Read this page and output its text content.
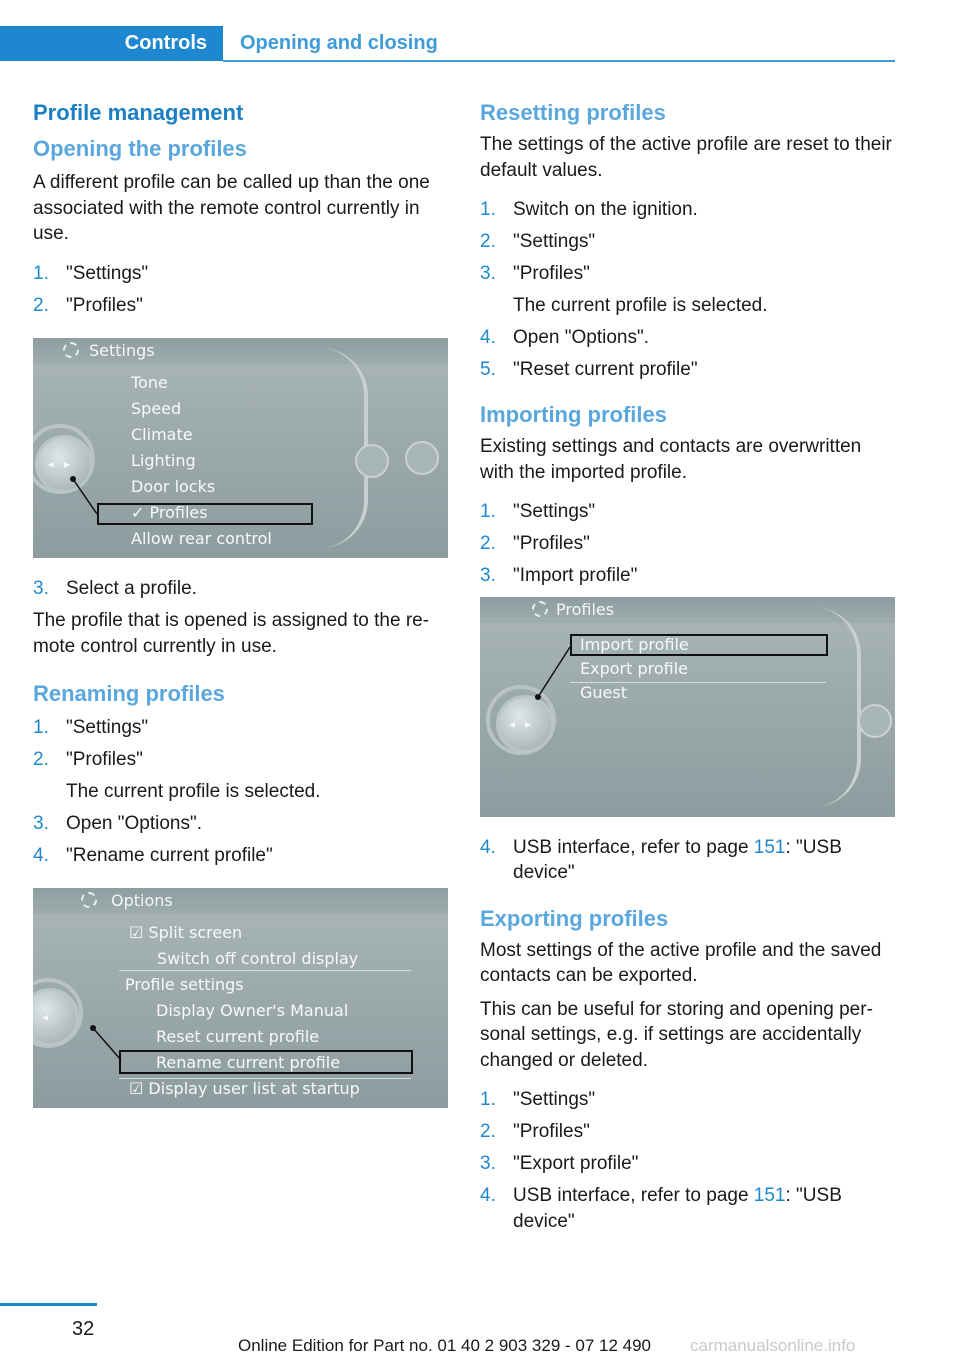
Controls	Opening and closing
Profile management
Opening the profiles

A different profile can be called up than the one associated with the remote control currently in use.

1. "Settings"
2. "Profiles"
Settings
Tone
Speed
Climate
Lighting
Door locks
✓ Profiles
Allow rear control
◂▸
3. Select a profile.

The profile that is opened is assigned to the re‐mote control currently in use.

Renaming profiles
1. "Settings"
2. "Profiles"
The current profile is selected.
3. Open "Options".
4. "Rename current profile"
Options
☑ Split screen
Switch off control display
Profile settings
Display Owner's Manual
Reset current profile
Rename current profile
☑ Display user list at startup
◂
Resetting profiles

The settings of the active profile are reset to their default values.

1. Switch on the ignition.
2. "Settings"
3. "Profiles"
The current profile is selected.
4. Open "Options".
5. "Reset current profile"
Importing profiles

Existing settings and contacts are overwritten with the imported profile.

1. "Settings"
2. "Profiles"
3. "Import profile"
Profiles
Import profile
Export profile
Guest
◂▸
4. USB interface, refer to page 151: "USB device"
Exporting profiles

Most settings of the active profile and the saved contacts can be exported.

This can be useful for storing and opening per‐sonal settings, e.g. if settings are accidentally changed or deleted.

1. "Settings"
2. "Profiles"
3. "Export profile"
4. USB interface, refer to page 151: "USB device"
32
Online Edition for Part no. 01 40 2 903 329 - 07 12 490 carmanualsonline.info
